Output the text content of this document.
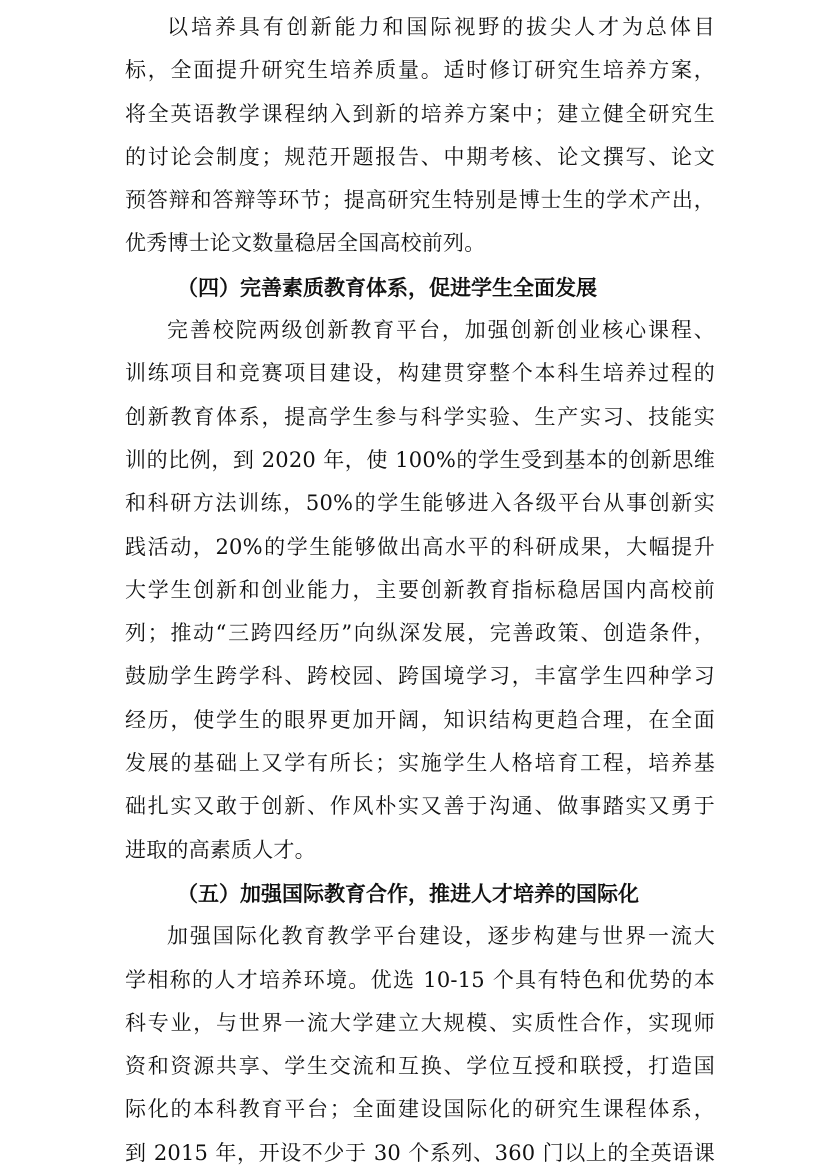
以培养具有创新能力和国际视野的拔尖人才为总体目
标，全面提升研究生培养质量。适时修订研究生培养方案，
将全英语教学课程纳入到新的培养方案中；建立健全研究生
的讨论会制度；规范开题报告、中期考核、论文撰写、论文
预答辩和答辩等环节；提高研究生特别是博士生的学术产出，
优秀博士论文数量稳居全国高校前列。
（四）完善素质教育体系，促进学生全面发展
完善校院两级创新教育平台，加强创新创业核心课程、
训练项目和竞赛项目建设，构建贯穿整个本科生培养过程的
创新教育体系，提高学生参与科学实验、生产实习、技能实
训的比例，到 2020 年，使 100%的学生受到基本的创新思维
和科研方法训练，50%的学生能够进入各级平台从事创新实
践活动，20%的学生能够做出高水平的科研成果，大幅提升
大学生创新和创业能力，主要创新教育指标稳居国内高校前
列；推动“三跨四经历”向纵深发展，完善政策、创造条件，
鼓励学生跨学科、跨校园、跨国境学习，丰富学生四种学习
经历，使学生的眼界更加开阔，知识结构更趋合理，在全面
发展的基础上又学有所长；实施学生人格培育工程，培养基
础扎实又敢于创新、作风朴实又善于沟通、做事踏实又勇于
进取的高素质人才。
（五）加强国际教育合作，推进人才培养的国际化
加强国际化教育教学平台建设，逐步构建与世界一流大
学相称的人才培养环境。优选 10-15 个具有特色和优势的本
科专业，与世界一流大学建立大规模、实质性合作，实现师
资和资源共享、学生交流和互换、学位互授和联授，打造国
际化的本科教育平台；全面建设国际化的研究生课程体系，
到 2015 年，开设不少于 30 个系列、360 门以上的全英语课
